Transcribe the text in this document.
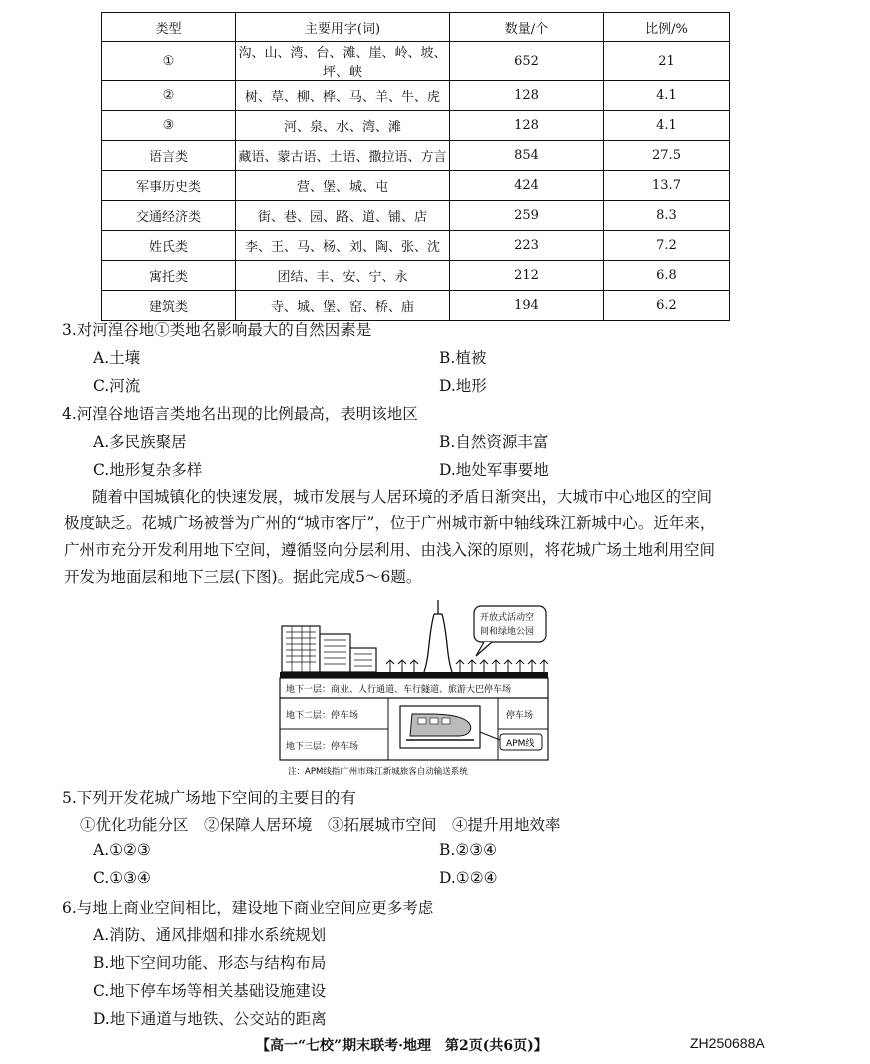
类型	主要用字(词)	数量/个	比例/%
①	沟、山、湾、台、滩、崖、岭、坡、坪、峡	652	21
②	树、草、柳、桦、马、羊、牛、虎	128	4.1
③	河、泉、水、湾、滩	128	4.1
语言类	藏语、蒙古语、土语、撒拉语、方言	854	27.5
军事历史类	营、堡、城、屯	424	13.7
交通经济类	街、巷、园、路、道、铺、店	259	8.3
姓氏类	李、王、马、杨、刘、陶、张、沈	223	7.2
寓托类	团结、丰、安、宁、永	212	6.8
建筑类	寺、城、堡、窑、桥、庙	194	6.2
3.对河湟谷地①类地名影响最大的自然因素是
A.土壤	B.植被
C.河流	D.地形
4.河湟谷地语言类地名出现的比例最高，表明该地区
A.多民族聚居	B.自然资源丰富
C.地形复杂多样	D.地处军事要地
随着中国城镇化的快速发展，城市发展与人居环境的矛盾日渐突出，大城市中心地区的空间
极度缺乏。花城广场被誉为广州的“城市客厅”，位于广州城市新中轴线珠江新城中心。近年来，
广州市充分开发利用地下空间，遵循竖向分层利用、由浅入深的原则，将花城广场土地利用空间
开发为地面层和地下三层(下图)。据此完成5～6题。
开放式活动空
间和绿地公园
地下一层：商业、人行通道、车行隧道、旅游大巴停车场
地下二层：停车场
地下三层：停车场
停车场
APM线
注：APM线指广州市珠江新城旅客自动输送系统
5.下列开发花城广场地下空间的主要目的有
①优化功能分区　②保障人居环境　③拓展城市空间　④提升用地效率
A.①②③	B.②③④
C.①③④	D.①②④
6.与地上商业空间相比，建设地下商业空间应更多考虑
A.消防、通风排烟和排水系统规划
B.地下空间功能、形态与结构布局
C.地下停车场等相关基础设施建设
D.地下通道与地铁、公交站的距离
【高一“七校”期末联考·地理　第2页(共6页)】	ZH250688A
